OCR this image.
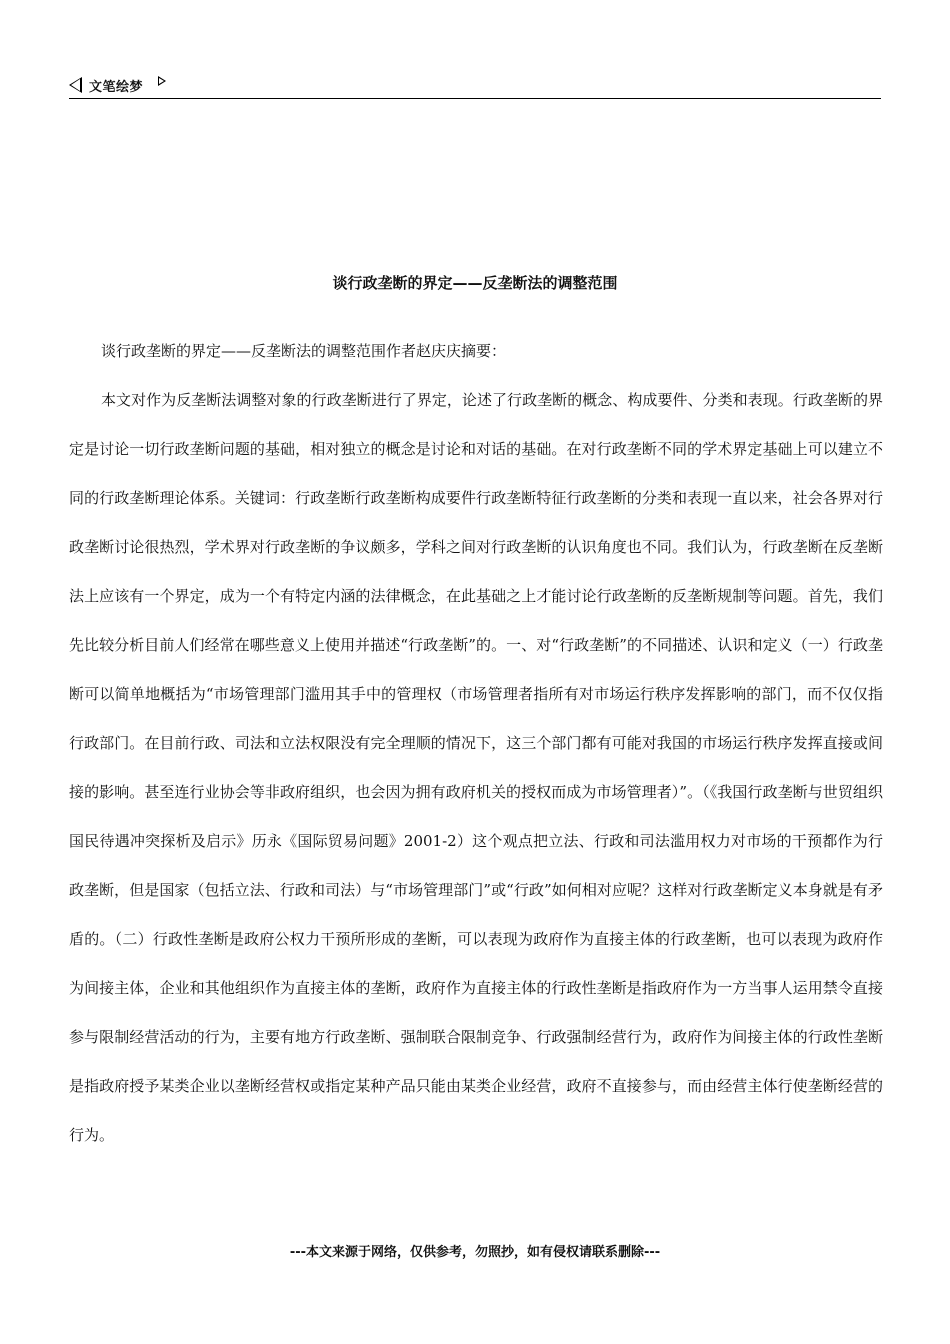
文笔绘梦
谈行政垄断的界定——反垄断法的调整范围

谈行政垄断的界定——反垄断法的调整范围作者赵庆庆摘要：

本文对作为反垄断法调整对象的行政垄断进行了界定，论述了行政垄断的概念、构成要件、分类和表现。行政垄断的界定是讨论一切行政垄断问题的基础，相对独立的概念是讨论和对话的基础。在对行政垄断不同的学术界定基础上可以建立不同的行政垄断理论体系。关键词：行政垄断行政垄断构成要件行政垄断特征行政垄断的分类和表现一直以来，社会各界对行政垄断讨论很热烈，学术界对行政垄断的争议颇多，学科之间对行政垄断的认识角度也不同。我们认为，行政垄断在反垄断法上应该有一个界定，成为一个有特定内涵的法律概念，在此基础之上才能讨论行政垄断的反垄断规制等问题。首先，我们先比较分析目前人们经常在哪些意义上使用并描述“行政垄断”的。一、对“行政垄断”的不同描述、认识和定义（一）行政垄断可以简单地概括为“市场管理部门滥用其手中的管理权（市场管理者指所有对市场运行秩序发挥影响的部门，而不仅仅指行政部门。在目前行政、司法和立法权限没有完全理顺的情况下，这三个部门都有可能对我国的市场运行秩序发挥直接或间接的影响。甚至连行业协会等非政府组织，也会因为拥有政府机关的授权而成为市场管理者）”。（《我国行政垄断与世贸组织国民待遇冲突探析及启示》历永《国际贸易问题》2001-2）这个观点把立法、行政和司法滥用权力对市场的干预都作为行政垄断，但是国家（包括立法、行政和司法）与“市场管理部门”或“行政”如何相对应呢？这样对行政垄断定义本身就是有矛盾的。（二）行政性垄断是政府公权力干预所形成的垄断，可以表现为政府作为直接主体的行政垄断，也可以表现为政府作为间接主体，企业和其他组织作为直接主体的垄断，政府作为直接主体的行政性垄断是指政府作为一方当事人运用禁令直接参与限制经营活动的行为，主要有地方行政垄断、强制联合限制竞争、行政强制经营行为，政府作为间接主体的行政性垄断是指政府授予某类企业以垄断经营权或指定某种产品只能由某类企业经营，政府不直接参与，而由经营主体行使垄断经营的行为。

---本文来源于网络，仅供参考，勿照抄，如有侵权请联系删除---
